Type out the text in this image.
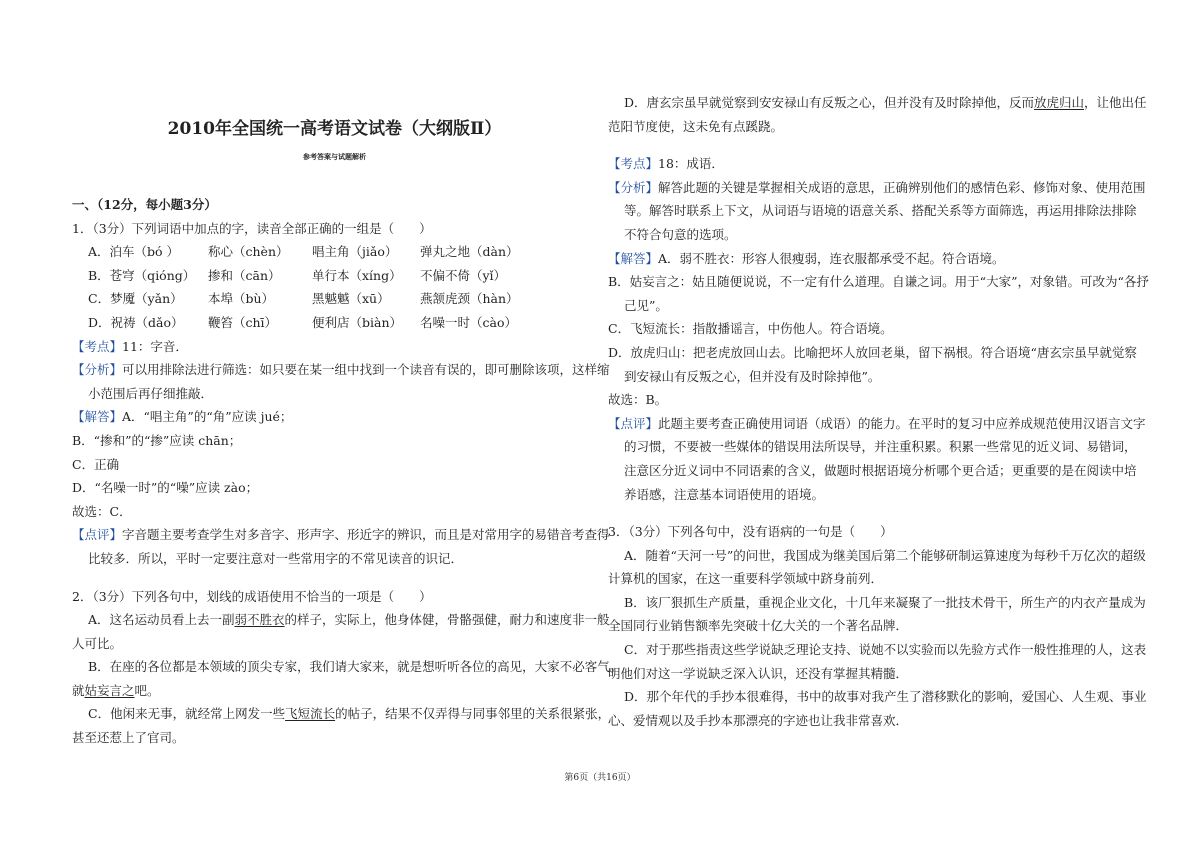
2010年全国统一高考语文试卷（大纲版Ⅱ）
参考答案与试题解析

一、（12分，每小题3分）

1．（3分）下列词语中加点的字，读音全部正确的一组是（　　）

A．泊车（bó ） 称心（chèn） 唱主角（jiǎo） 弹丸之地（dàn）

B．苍穹（qióng） 掺和（cān）	单行本（xíng） 不偏不倚（yǐ）

C．梦魇（yǎn） 本埠（bù）	黑魆魆（xū） 燕颔虎颈（hàn）

D．祝祷（dǎo） 鞭笞（chī）	便利店（biàn） 名噪一时（cào）

【考点】11：字音．

【分析】可以用排除法进行筛选：如只要在某一组中找到一个读音有误的，即可删除该项，这样缩

小范围后再仔细推敲．

【解答】A．“唱主角”的“角”应读 jué；

B．“掺和”的“掺”应读 chān；

C．正确

D．“名噪一时”的“噪”应读 zào；

故选：C．

【点评】字音题主要考查学生对多音字、形声字、形近字的辨识，而且是对常用字的易错音考查得

比较多．所以，平时一定要注意对一些常用字的不常见读音的识记．

2．（3分）下列各句中，划线的成语使用不恰当的一项是（　　）

A．这名运动员看上去一副弱不胜衣的样子，实际上，他身体健，骨骼强健，耐力和速度非一般

人可比。

B．在座的各位都是本领域的顶尖专家，我们请大家来，就是想听听各位的高见，大家不必客气。

就姑妄言之吧。

C．他闲来无事，就经常上网发一些飞短流长的帖子，结果不仅弄得与同事邻里的关系很紧张，

甚至还惹上了官司。

D．唐玄宗虽早就觉察到安安禄山有反叛之心，但并没有及时除掉他，反而放虎归山，让他出任

范阳节度使，这未免有点蹊跷。

【考点】18：成语．

【分析】解答此题的关键是掌握相关成语的意思，正确辨别他们的感情色彩、修饰对象、使用范围

等。解答时联系上下文，从词语与语境的语意关系、搭配关系等方面筛选，再运用排除法排除

不符合句意的选项。

【解答】A．弱不胜衣：形容人很瘦弱，连衣服都承受不起。符合语境。

B．姑妄言之：姑且随便说说，不一定有什么道理。自谦之词。用于“大家”，对象错。可改为“各抒

己见”。

C．飞短流长：指散播谣言，中伤他人。符合语境。

D．放虎归山：把老虎放回山去。比喻把坏人放回老巢，留下祸根。符合语境“唐玄宗虽早就觉察

到安禄山有反叛之心，但并没有及时除掉他”。

故选：B。

【点评】此题主要考查正确使用词语（成语）的能力。在平时的复习中应养成规范使用汉语言文字

的习惯，不要被一些媒体的错误用法所误导，并注重积累。积累一些常见的近义词、易错词，

注意区分近义词中不同语素的含义，做题时根据语境分析哪个更合适；更重要的是在阅读中培

养语感，注意基本词语使用的语境。

3．（3分）下列各句中，没有语病的一句是（　　）

A．随着“天河一号”的问世，我国成为继美国后第二个能够研制运算速度为每秒千万亿次的超级

计算机的国家，在这一重要科学领域中跻身前列．

B．该厂狠抓生产质量，重视企业文化，十几年来凝聚了一批技术骨干，所生产的内衣产量成为

全国同行业销售额率先突破十亿大关的一个著名品牌．

C．对于那些指责这些学说缺乏理论支持、说她不以实验而以先验方式作一般性推理的人，这表

明他们对这一学说缺乏深入认识，还没有掌握其精髓．

D．那个年代的手抄本很难得，书中的故事对我产生了潜移默化的影响，爱国心、人生观、事业

心、爱情观以及手抄本那漂亮的字迹也让我非常喜欢．

第6页（共16页）
